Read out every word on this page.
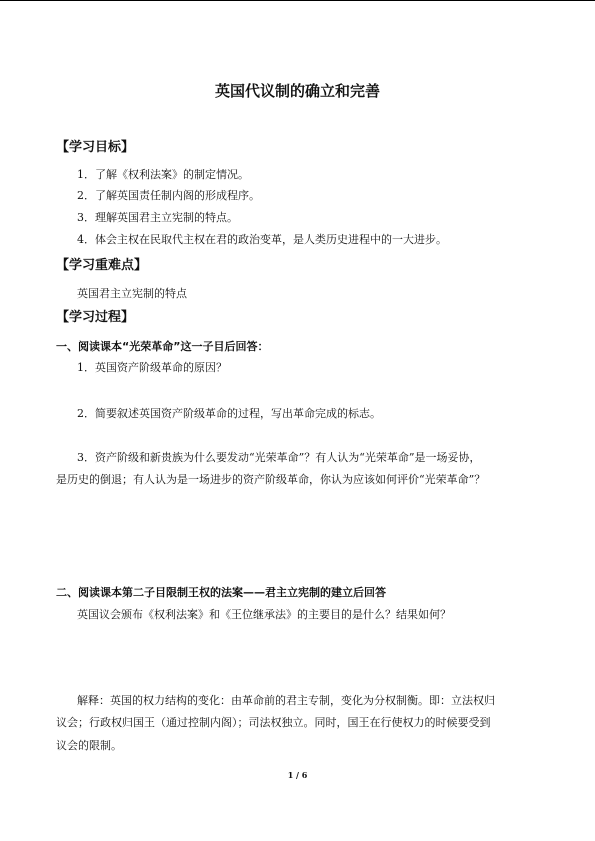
英国代议制的确立和完善
【学习目标】
1．了解《权利法案》的制定情况。
2．了解英国责任制内阁的形成程序。
3．理解英国君主立宪制的特点。
4．体会主权在民取代主权在君的政治变革，是人类历史进程中的一大进步。
【学习重难点】
英国君主立宪制的特点
【学习过程】
一、阅读课本“光荣革命”这一子目后回答：
1．英国资产阶级革命的原因？
2．简要叙述英国资产阶级革命的过程，写出革命完成的标志。
3．资产阶级和新贵族为什么要发动“光荣革命”？有人认为“光荣革命”是一场妥协，
是历史的倒退；有人认为是一场进步的资产阶级革命，你认为应该如何评价“光荣革命”？
二、阅读课本第二子目限制王权的法案——君主立宪制的建立后回答
英国议会颁布《权利法案》和《王位继承法》的主要目的是什么？结果如何？
解释：英国的权力结构的变化：由革命前的君主专制，变化为分权制衡。即：立法权归
议会；行政权归国王（通过控制内阁）；司法权独立。同时，国王在行使权力的时候要受到
议会的限制。
1 / 6
